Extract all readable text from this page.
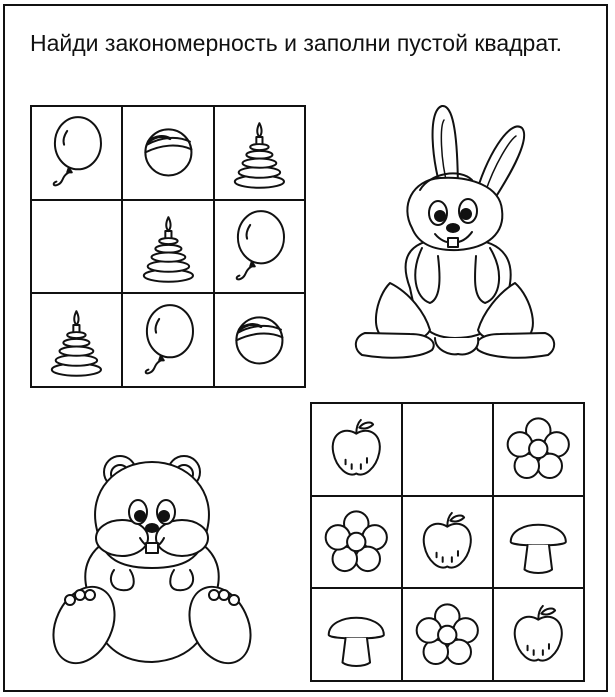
Найди закономерность и заполни пустой квадрат.
